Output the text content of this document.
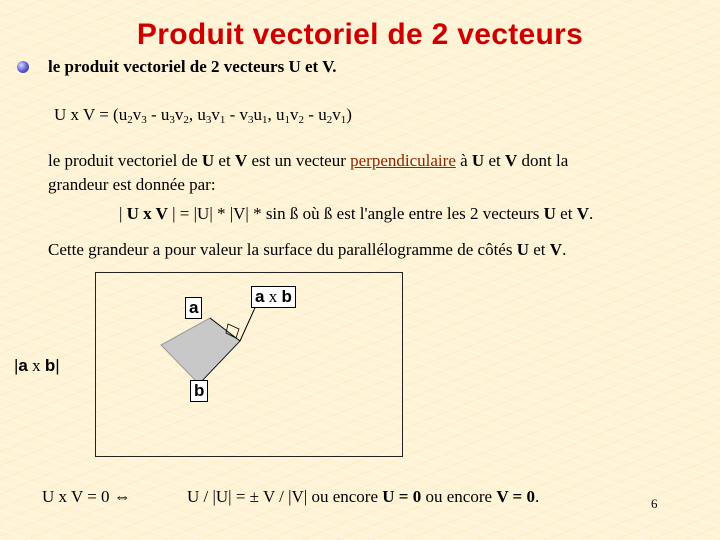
Produit vectoriel de 2 vecteurs
le produit vectoriel de 2 vecteurs U et V.
U x $V = (u_2v_3 - u_3v_2$, $u_3v_1 - v_3u_1$, $u_1v_2 - u_2v_1$)
le produit vectoriel de U et V est un vecteur perpendiculaire à U et V dont la
grandeur est donnée par:
| U x V | = |U| * |V| * sin ß où ß est l'angle entre les 2 vecteurs U et V.
Cette grandeur a pour valeur la surface du parallélogramme de côtés U et V.
a
a x b
b
|a x b|
U x V = 0 ⇔	U / |U| = ± V / |V| ou encore U = 0 ou encore V = 0.	6
